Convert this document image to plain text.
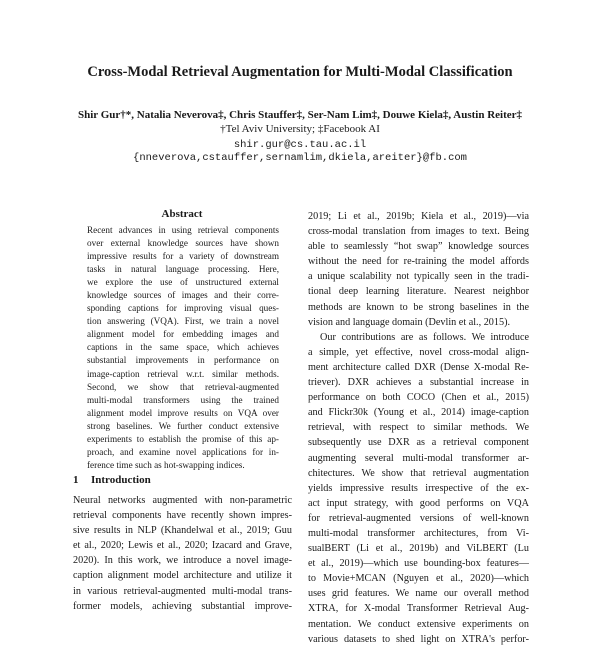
Cross-Modal Retrieval Augmentation for Multi-Modal Classification
Shir Gur†*, Natalia Neverova‡, Chris Stauffer‡, Ser-Nam Lim‡, Douwe Kiela‡, Austin Reiter‡
†Tel Aviv University; ‡Facebook AI
shir.gur@cs.tau.ac.il
{nneverova,cstauffer,sernamlim,dkiela,areiter}@fb.com
Abstract
Recent advances in using retrieval components
over external knowledge sources have shown
impressive results for a variety of downstream
tasks in natural language processing. Here,
we explore the use of unstructured external
knowledge sources of images and their corre-
sponding captions for improving visual ques-
tion answering (VQA). First, we train a novel
alignment model for embedding images and
captions in the same space, which achieves
substantial improvements in performance on
image-caption retrieval w.r.t. similar methods.
Second, we show that retrieval-augmented
multi-modal transformers using the trained
alignment model improve results on VQA over
strong baselines. We further conduct extensive
experiments to establish the promise of this ap-
proach, and examine novel applications for in-
ference time such as hot-swapping indices.
1 Introduction
Neural networks augmented with non-parametric
retrieval components have recently shown impres-
sive results in NLP (Khandelwal et al., 2019; Guu
et al., 2020; Lewis et al., 2020; Izacard and Grave,
2020). In this work, we introduce a novel image-
caption alignment model architecture and utilize it
in various retrieval-augmented multi-modal trans-
former models, achieving substantial improve-
2019; Li et al., 2019b; Kiela et al., 2019)—via
cross-modal translation from images to text. Being
able to seamlessly “hot swap” knowledge sources
without the need for re-training the model affords
a unique scalability not typically seen in the tradi-
tional deep learning literature. Nearest neighbor
methods are known to be strong baselines in the
vision and language domain (Devlin et al., 2015).
Our contributions are as follows. We introduce
a simple, yet effective, novel cross-modal align-
ment architecture called DXR (Dense X-modal Re-
triever). DXR achieves a substantial increase in
performance on both COCO (Chen et al., 2015)
and Flickr30k (Young et al., 2014) image-caption
retrieval, with respect to similar methods. We
subsequently use DXR as a retrieval component
augmenting several multi-modal transformer ar-
chitectures. We show that retrieval augmentation
yields impressive results irrespective of the ex-
act input strategy, with good performs on VQA
for retrieval-augmented versions of well-known
multi-modal transformer architectures, from Vi-
sualBERT (Li et al., 2019b) and ViLBERT (Lu
et al., 2019)—which use bounding-box features—
to Movie+MCAN (Nguyen et al., 2020)—which
uses grid features. We name our overall method
XTRA, for X-modal Transformer Retrieval Aug-
mentation. We conduct extensive experiments on
various datasets to shed light on XTRA's perfor-
